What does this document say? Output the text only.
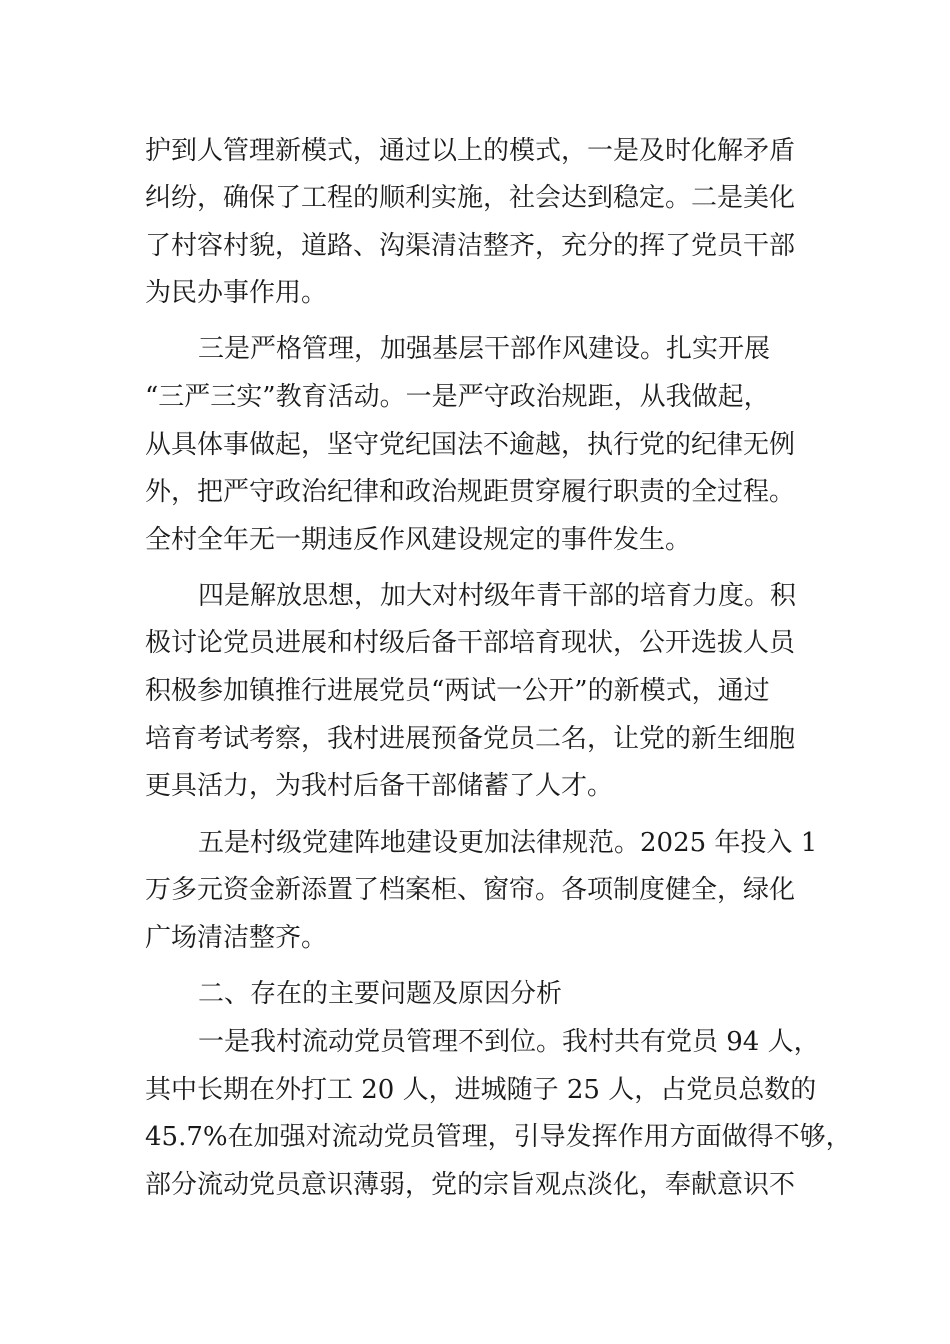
护到人管理新模式，通过以上的模式，一是及时化解矛盾
纠纷，确保了工程的顺利实施，社会达到稳定。二是美化
了村容村貌，道路、沟渠清洁整齐，充分的挥了党员干部
为民办事作用。
三是严格管理，加强基层干部作风建设。扎实开展
“三严三实”教育活动。一是严守政治规距，从我做起，
从具体事做起，坚守党纪国法不逾越，执行党的纪律无例
外，把严守政治纪律和政治规距贯穿履行职责的全过程。
全村全年无一期违反作风建设规定的事件发生。
四是解放思想，加大对村级年青干部的培育力度。积
极讨论党员进展和村级后备干部培育现状，公开选拔人员
积极参加镇推行进展党员“两试一公开”的新模式，通过
培育考试考察，我村进展预备党员二名，让党的新生细胞
更具活力，为我村后备干部储蓄了人才。
五是村级党建阵地建设更加法律规范。2025 年投入 1
万多元资金新添置了档案柜、窗帘。各项制度健全，绿化
广场清洁整齐。
二、存在的主要问题及原因分析
一是我村流动党员管理不到位。我村共有党员 94 人，
其中长期在外打工 20 人，进城随子 25 人，占党员总数的
45.7%在加强对流动党员管理，引导发挥作用方面做得不够，
部分流动党员意识薄弱，党的宗旨观点淡化，奉献意识不
